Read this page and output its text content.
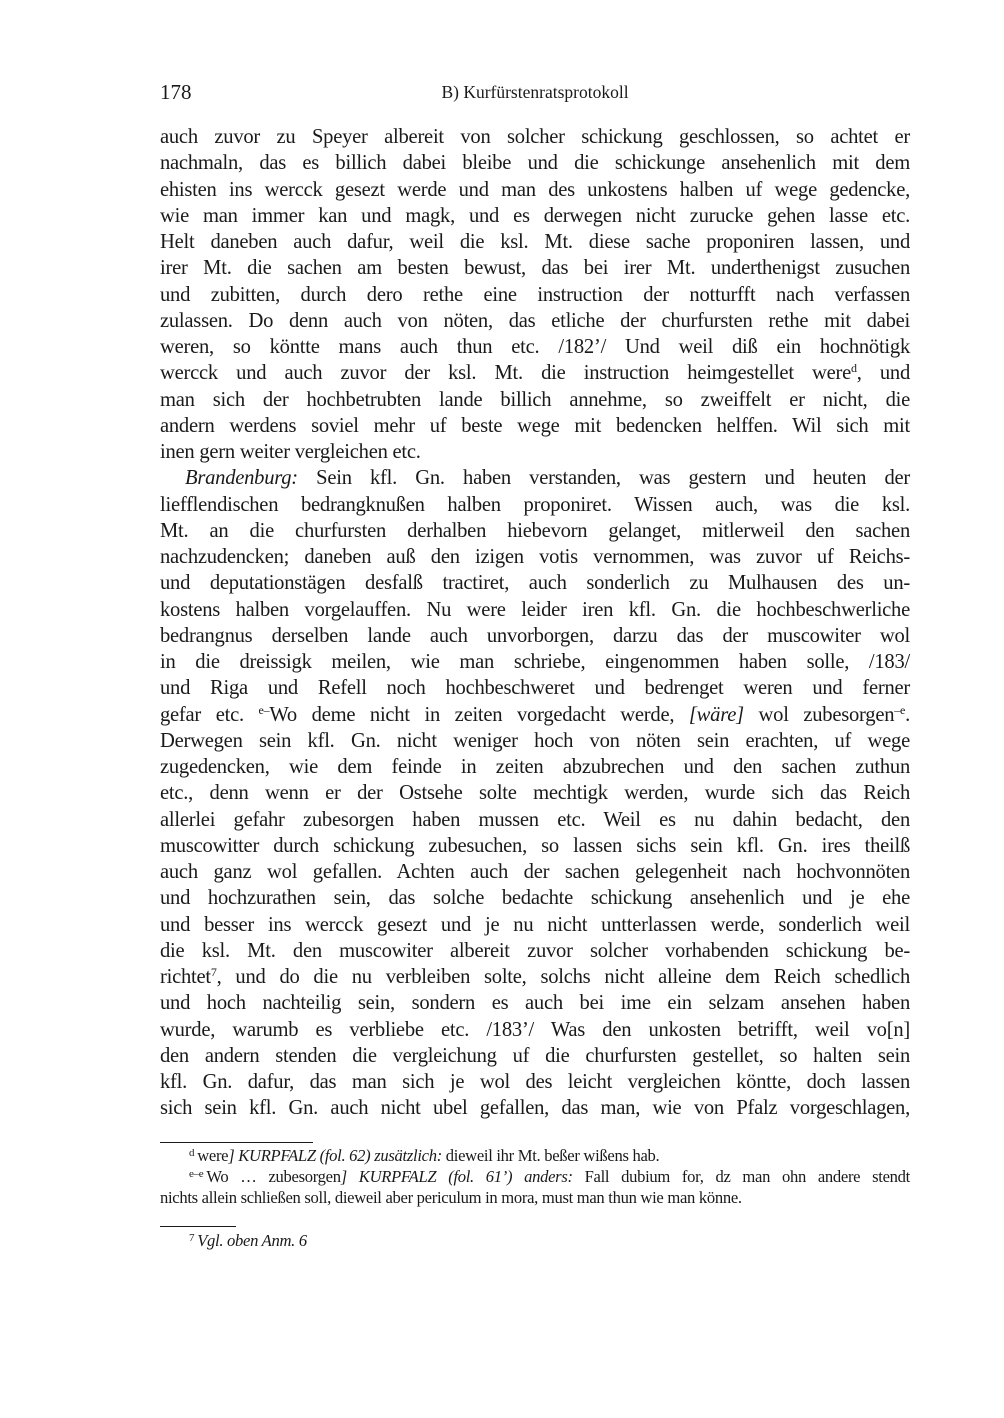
178	B) Kurfürstenratsprotokoll
auch zuvor zu Speyer albereit von solcher schickung geschlossen, so achtet er
nachmaln, das es billich dabei bleibe und die schickunge ansehenlich mit dem
ehisten ins wercck gesezt werde und man des unkostens halben uf wege gedencke,
wie man immer kan und magk, und es derwegen nicht zurucke gehen lasse etc.
Helt daneben auch dafur, weil die ksl. Mt. diese sache proponiren lassen, und
irer Mt. die sachen am besten bewust, das bei irer Mt. underthenigst zusuchen
und zubitten, durch dero rethe eine instruction der notturfft nach verfassen
zulassen. Do denn auch von nöten, das etliche der churfursten rethe mit dabei
weren, so köntte mans auch thun etc. /182’/ Und weil diß ein hochnötigk
wercck und auch zuvor der ksl. Mt. die instruction heimgestellet were$^d$, und
man sich der hochbetrubten lande billich annehme, so zweiffelt er nicht, die
andern werdens soviel mehr uf beste wege mit bedencken helffen. Wil sich mit
inen gern weiter vergleichen etc.
Brandenburg: Sein kfl. Gn. haben verstanden, was gestern und heuten der
liefflendischen bedrangknußen halben proponiret. Wissen auch, was die ksl.
Mt. an die churfursten derhalben hiebevorn gelanget, mitlerweil den sachen
nachzudencken; daneben auß den izigen votis vernommen, was zuvor uf Reichs-
und deputationstägen desfalß tractiret, auch sonderlich zu Mulhausen des un-
kostens halben vorgelauffen. Nu were leider iren kfl. Gn. die hochbeschwerliche
bedrangnus derselben lande auch unvorborgen, darzu das der muscowiter wol
in die dreissigk meilen, wie man schriebe, eingenommen haben solle, /183/
und Riga und Refell noch hochbeschweret und bedrenget weren und ferner
gefar etc. $^{e-}$Wo deme nicht in zeiten vorgedacht werde, [wäre] wol zubesorgen$^{-e}$.
Derwegen sein kfl. Gn. nicht weniger hoch von nöten sein erachten, uf wege
zugedencken, wie dem feinde in zeiten abzubrechen und den sachen zuthun
etc., denn wenn er der Ostsehe solte mechtigk werden, wurde sich das Reich
allerlei gefahr zubesorgen haben mussen etc. Weil es nu dahin bedacht, den
muscowitter durch schickung zubesuchen, so lassen sichs sein kfl. Gn. ires theilß
auch ganz wol gefallen. Achten auch der sachen gelegenheit nach hochvonnöten
und hochzurathen sein, das solche bedachte schickung ansehenlich und je ehe
und besser ins wercck gesezt und je nu nicht untterlassen werde, sonderlich weil
die ksl. Mt. den muscowiter albereit zuvor solcher vorhabenden schickung be-
richtet$^7$, und do die nu verbleiben solte, solchs nicht alleine dem Reich schedlich
und hoch nachteilig sein, sondern es auch bei ime ein selzam ansehen haben
wurde, warumb es verbliebe etc. /183’/ Was den unkosten betrifft, weil vo[n]
den andern stenden die vergleichung uf die churfursten gestellet, so halten sein
kfl. Gn. dafur, das man sich je wol des leicht vergleichen köntte, doch lassen
sich sein kfl. Gn. auch nicht ubel gefallen, das man, wie von Pfalz vorgeschlagen,
$^d$ were] KURPFALZ (fol. 62) zusätzlich: dieweil ihr Mt. beßer wißens hab.
$^{e-e}$ Wo … zubesorgen] KURPFALZ (fol. 61’) anders: Fall dubium for, dz man ohn andere stendt
nichts allein schließen soll, dieweil aber periculum in mora, must man thun wie man könne.
$^7$ Vgl. oben Anm. 6
